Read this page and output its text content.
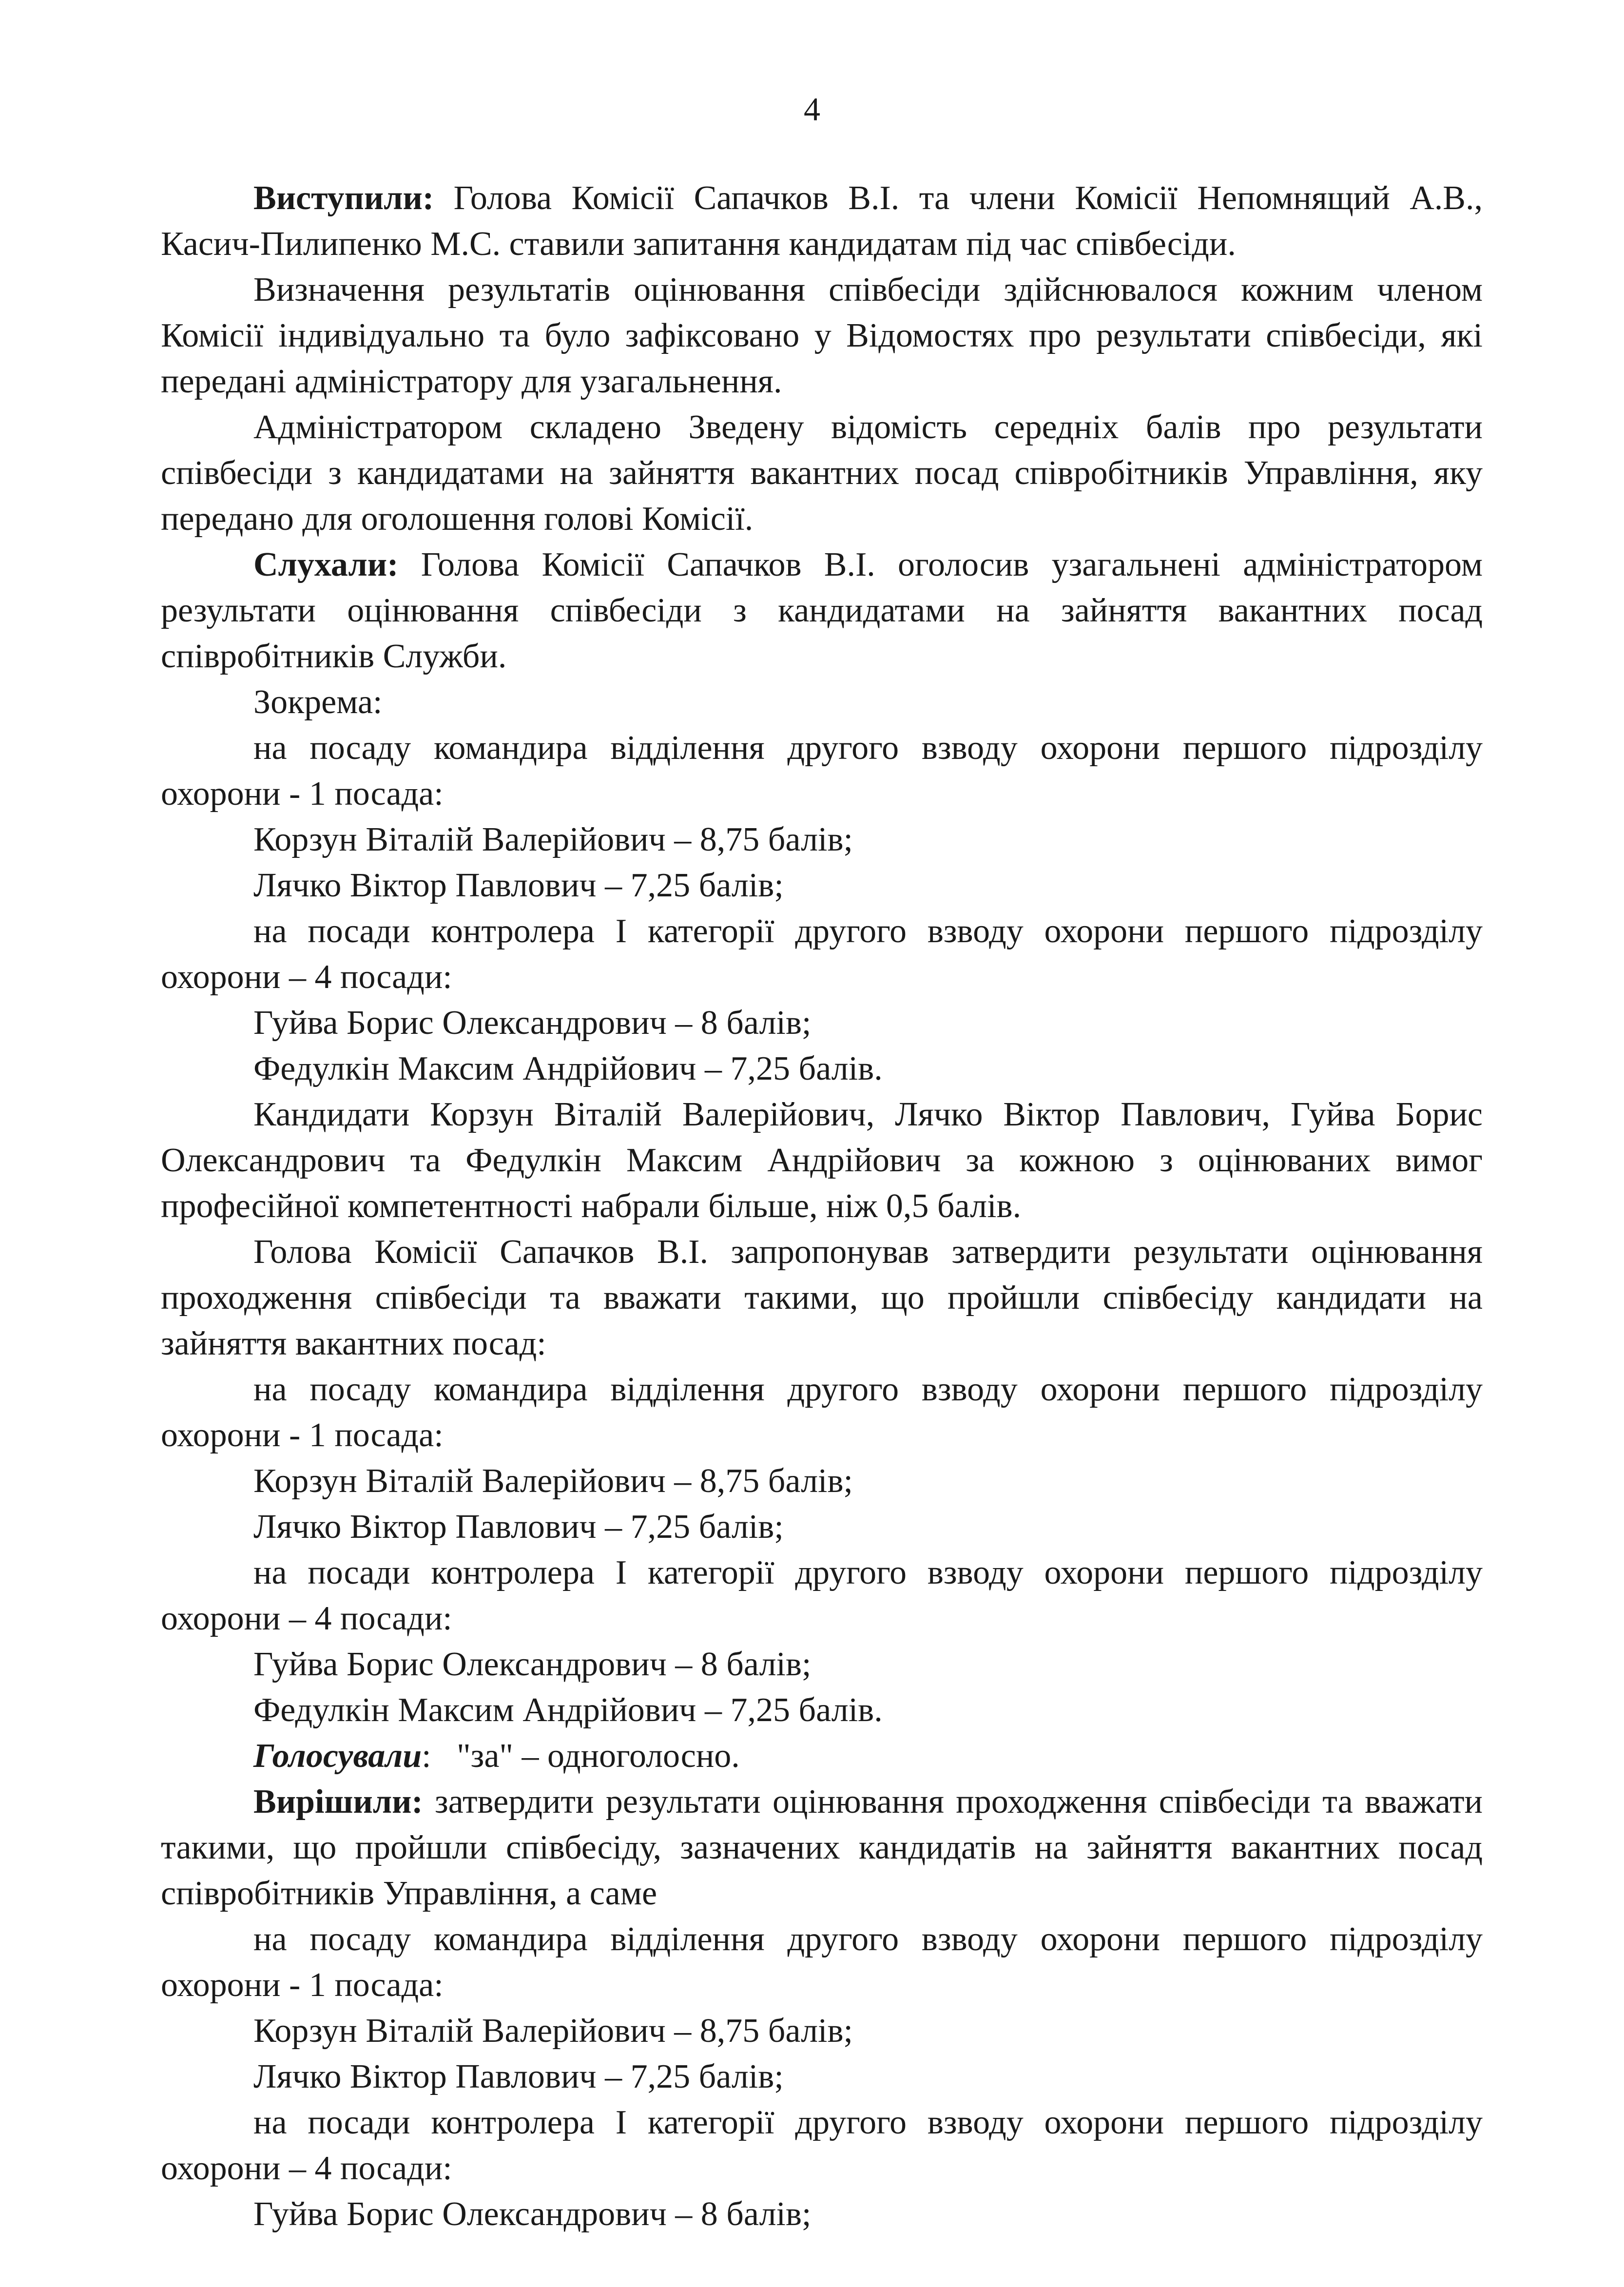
4

Виступили: Голова Комісії Сапачков В.І. та члени Комісії Непомнящий А.В., Касич-Пилипенко М.С. ставили запитання кандидатам під час співбесіди.

Визначення результатів оцінювання співбесіди здійснювалося кожним членом Комісії індивідуально та було зафіксовано у Відомостях про результати співбесіди, які передані адміністратору для узагальнення.

Адміністратором складено Зведену відомість середніх балів про результати співбесіди з кандидатами на зайняття вакантних посад співробітників Управління, яку передано для оголошення голові Комісії.

Слухали: Голова Комісії Сапачков В.І. оголосив узагальнені адміністратором результати оцінювання співбесіди з кандидатами на зайняття вакантних посад співробітників Служби.

Зокрема:

на посаду командира відділення другого взводу охорони першого підрозділу охорони - 1 посада:

Корзун Віталій Валерійович – 8,75 балів;

Лячко Віктор Павлович – 7,25 балів;

на посади контролера І категорії другого взводу охорони першого підрозділу охорони – 4 посади:

Гуйва Борис Олександрович – 8 балів;

Федулкін Максим Андрійович – 7,25 балів.

Кандидати Корзун Віталій Валерійович, Лячко Віктор Павлович, Гуйва Борис Олександрович та Федулкін Максим Андрійович за кожною з оцінюваних вимог професійної компетентності набрали більше, ніж 0,5 балів.

Голова Комісії Сапачков В.І. запропонував затвердити результати оцінювання проходження співбесіди та вважати такими, що пройшли співбесіду кандидати на зайняття вакантних посад:

на посаду командира відділення другого взводу охорони першого підрозділу охорони - 1 посада:

Корзун Віталій Валерійович – 8,75 балів;

Лячко Віктор Павлович – 7,25 балів;

на посади контролера І категорії другого взводу охорони першого підрозділу охорони – 4 посади:

Гуйва Борис Олександрович – 8 балів;

Федулкін Максим Андрійович – 7,25 балів.

Голосували:   "за" – одноголосно.

Вирішили: затвердити результати оцінювання проходження співбесіди та вважати такими, що пройшли співбесіду, зазначених кандидатів на зайняття вакантних посад співробітників Управління, а саме

на посаду командира відділення другого взводу охорони першого підрозділу охорони - 1 посада:

Корзун Віталій Валерійович – 8,75 балів;

Лячко Віктор Павлович – 7,25 балів;

на посади контролера І категорії другого взводу охорони першого підрозділу охорони – 4 посади:

Гуйва Борис Олександрович – 8 балів;
